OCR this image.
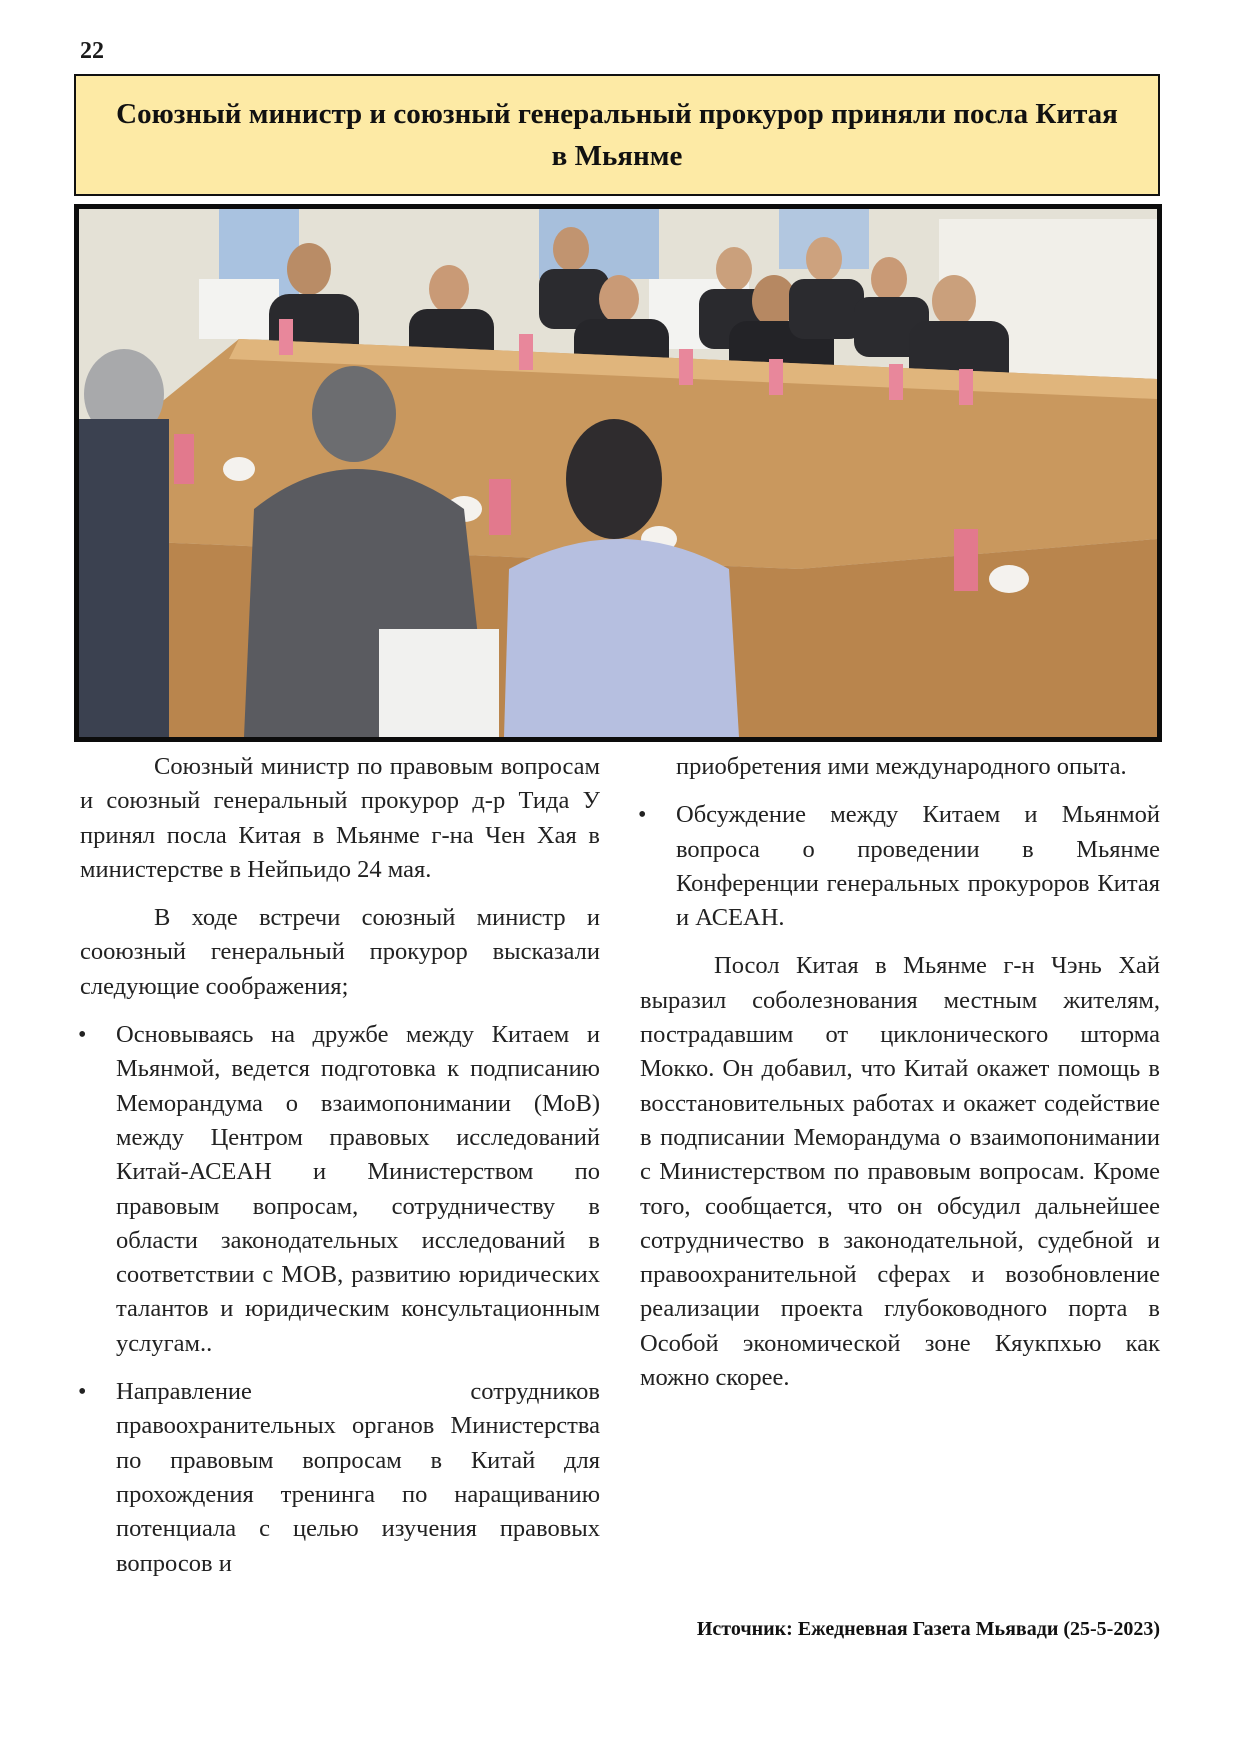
22
Союзный министр и союзный генеральный прокурор приняли посла Китая в Мьянме

Союзный министр по правовым вопросам и союзный генеральный прокурор д-р Тида У принял посла Китая в Мьянме г-на Чен Хая в министерстве в Нейпьидо 24 мая.

В ходе встречи союзный министр и сооюзный генеральный прокурор высказали следующие соображения;

• Основываясь на дружбе между Китаем и Мьянмой, ведется подготовка к подписанию Меморандума о взаимопонимании (МоВ) между Центром правовых исследований Китай-АСЕАН и Министерством по правовым вопросам, сотрудничеству в области законодательных исследований в соответствии с МОВ, развитию юридических талантов и юридическим консультационным услугам..
• Направление сотрудников правоохранительных органов Министерства по правовым вопросам в Китай для прохождения тренинга по наращиванию потенциала с целью изучения правовых вопросов и
приобретения ими международного опыта.
• Обсуждение между Китаем и Мьянмой вопроса о проведении в Мьянме Конференции генеральных прокуроров Китая и АСЕАН.

Посол Китая в Мьянме г-н Чэнь Хай выразил соболезнования местным жителям, пострадавшим от циклонического шторма Мокко. Он добавил, что Китай окажет помощь в восстановительных работах и окажет содействие в подписании Меморандума о взаимопонимании с Министерством по правовым вопросам. Кроме того, сообщается, что он обсудил дальнейшее сотрудничество в законодательной, судебной и правоохранительной сферах и возобновление реализации проекта глубоководного порта в Особой экономической зоне Кяукпхью как можно скорее.

Источник: Ежедневная Газета Мьявади (25-5-2023)
